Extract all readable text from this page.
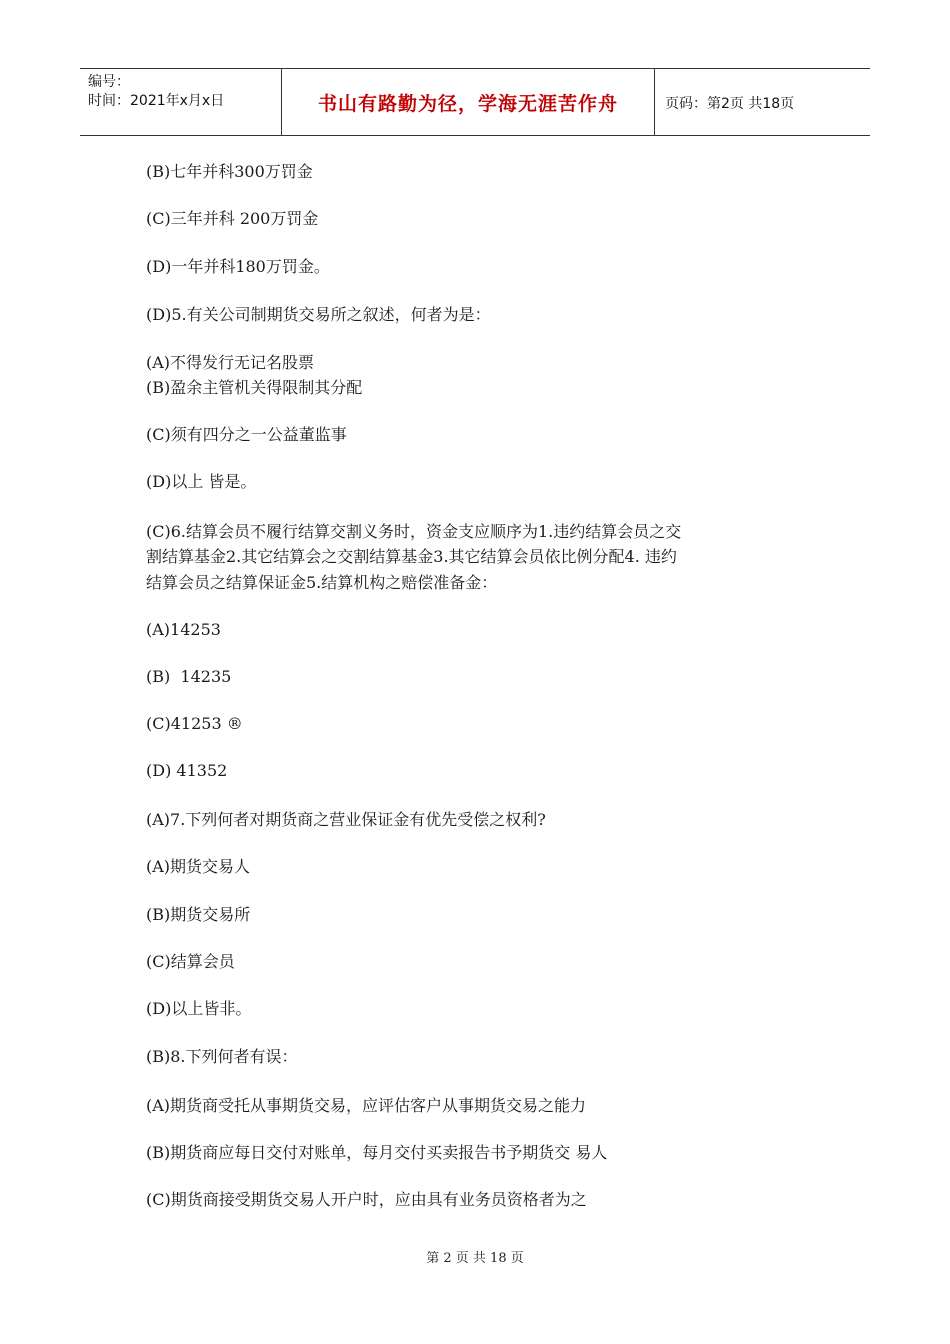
编号：
时间：2021年x月x日	书山有路勤为径，学海无涯苦作舟	页码：第2页 共18页
(B)七年并科300万罚金
(C)三年并科 200万罚金
(D)一年并科180万罚金。
(D)5.有关公司制期货交易所之叙述，何者为是：
(A)不得发行无记名股票
(B)盈余主管机关得限制其分配
(C)须有四分之一公益董监事
(D)以上 皆是。
(C)6.结算会员不履行结算交割义务时，资金支应顺序为1.违约结算会员之交
割结算基金2.其它结算会之交割结算基金3.其它结算会员依比例分配4. 违约
结算会员之结算保证金5.结算机构之赔偿准备金：
(A)14253
(B)  14235
(C)41253 ®
(D) 41352
(A)7.下列何者对期货商之营业保证金有优先受偿之权利?
(A)期货交易人
(B)期货交易所
(C)结算会员
(D)以上皆非。
(B)8.下列何者有误：
(A)期货商受托从事期货交易，应评估客户从事期货交易之能力
(B)期货商应每日交付对账单，每月交付买卖报告书予期货交 易人
(C)期货商接受期货交易人开户时，应由具有业务员资格者为之
第 2 页 共 18 页
